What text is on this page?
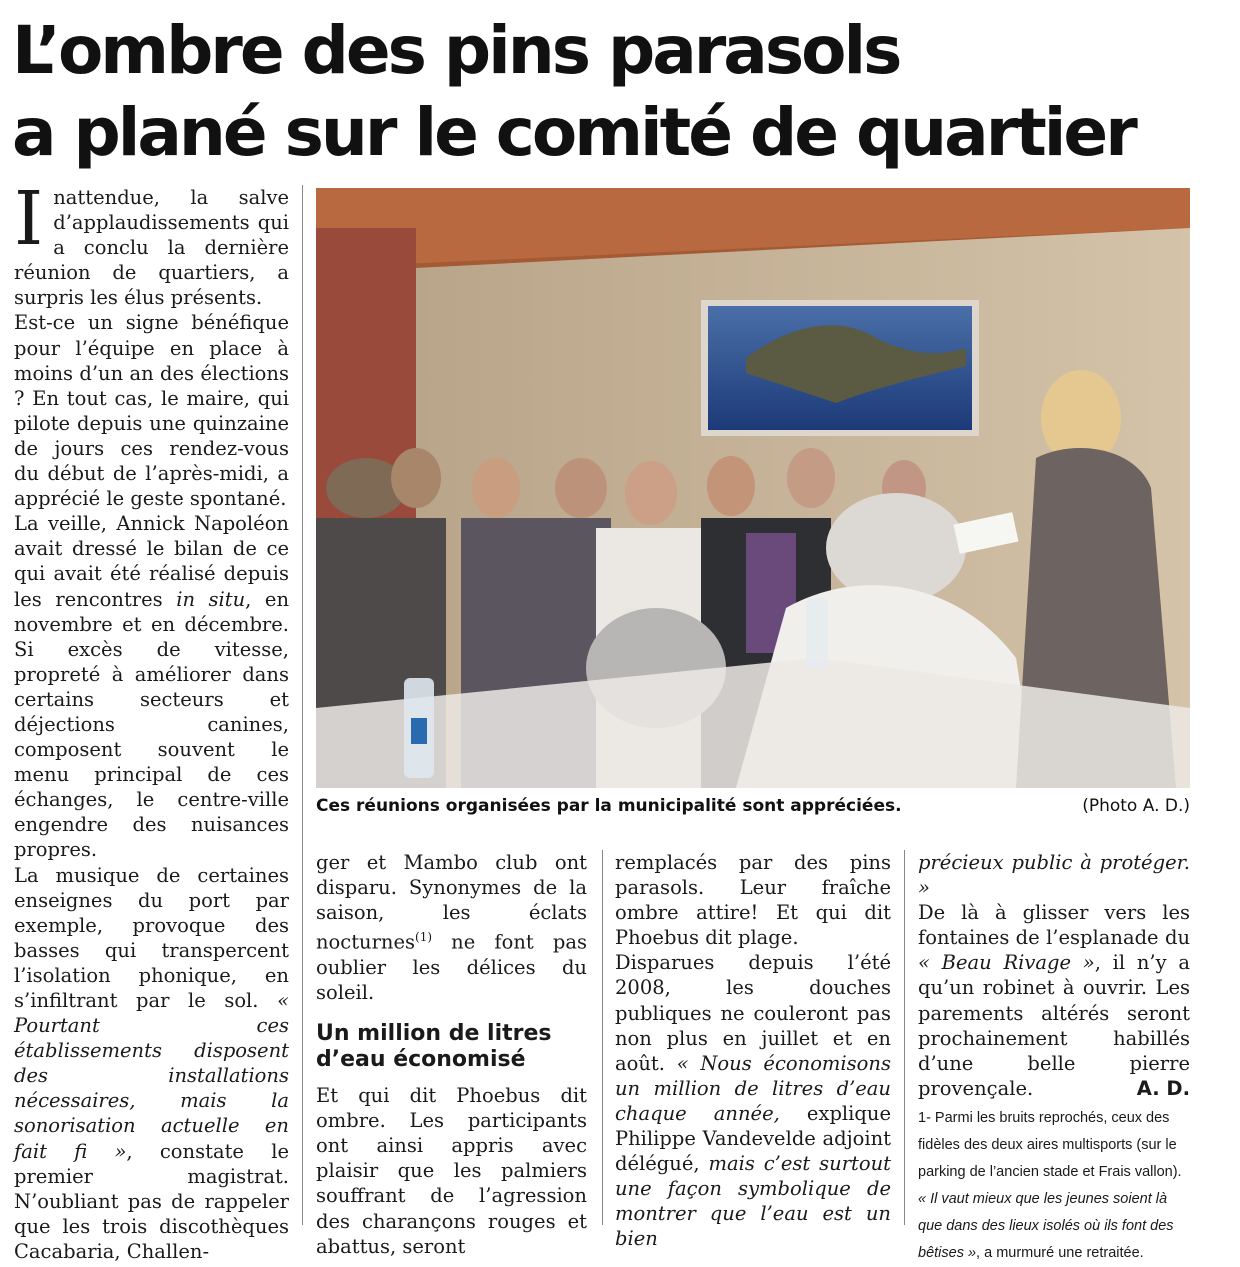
L’ombre des pins parasols
a plané sur le comité de quartier

Inattendue, la salve d’applaudissements qui a conclu la dernière réunion de quartiers, a surpris les élus présents.

Est-ce un signe bénéfique pour l’équipe en place à moins d’un an des élections ? En tout cas, le maire, qui pilote depuis une quinzaine de jours ces rendez-vous du début de l’après-midi, a apprécié le geste spontané.

La veille, Annick Napoléon avait dressé le bilan de ce qui avait été réalisé depuis les rencontres in situ, en novembre et en décembre. Si excès de vitesse, propreté à améliorer dans certains secteurs et déjections canines, composent souvent le menu principal de ces échanges, le centre-ville engendre des nuisances propres.

La musique de certaines enseignes du port par exemple, provoque des basses qui transpercent l’isolation phonique, en s’infiltrant par le sol. « Pourtant ces établissements disposent des installations nécessaires, mais la sonorisation actuelle en fait fi », constate le premier magistrat. N’oubliant pas de rappeler que les trois discothèques Cacabaria, Challen-

Ces réunions organisées par la municipalité sont appréciées.	(Photo A. D.)

ger et Mambo club ont disparu. Synonymes de la saison, les éclats nocturnes$^{(1)}$ ne font pas oublier les délices du soleil.

Un million de litres d’eau économisé

Et qui dit Phoebus dit ombre. Les participants ont ainsi appris avec plaisir que les palmiers souffrant de l’agression des charançons rouges et abattus, seront

remplacés par des pins parasols. Leur fraîche ombre attire! Et qui dit Phoebus dit plage.

Disparues depuis l’été 2008, les douches publiques ne couleront pas non plus en juillet et en août. « Nous économisons un million de litres d’eau chaque année, explique Philippe Vandevelde adjoint délégué, mais c’est surtout une façon symbolique de montrer que l’eau est un bien

précieux public à protéger. »

De là à glisser vers les fontaines de l’esplanade du « Beau Rivage », il n’y a qu’un robinet à ouvrir. Les parements altérés seront prochainement habillés d’une belle pierre provençale.	A. D.

1- Parmi les bruits reprochés, ceux des fidèles des deux aires multisports (sur le parking de l’ancien stade et Frais vallon). « Il vaut mieux que les jeunes soient là que dans des lieux isolés où ils font des bêtises », a murmuré une retraitée.
